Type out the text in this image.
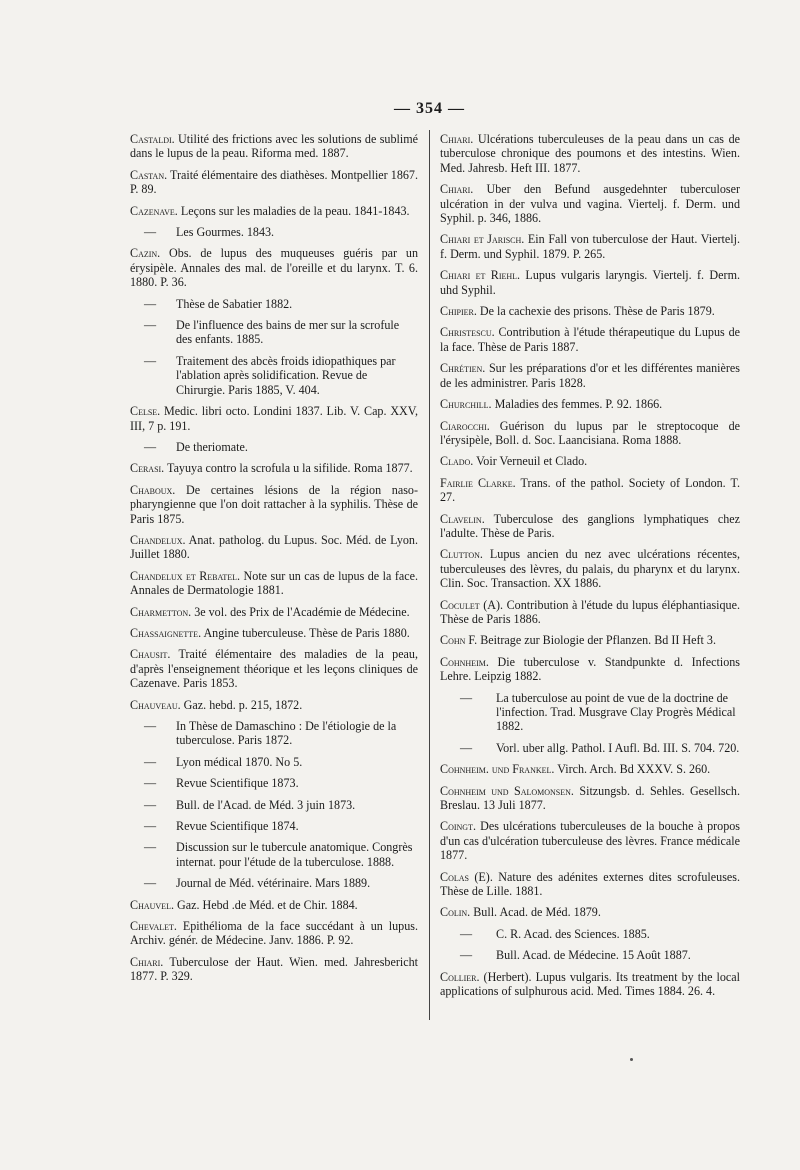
— 354 —
Castaldi. Utilité des frictions avec les solutions de sublimé dans le lupus de la peau. Riforma med. 1887.
Castan. Traité élémentaire des diathèses. Montpellier 1867. P. 89.
Cazenave. Leçons sur les maladies de la peau. 1841-1843.
— Les Gourmes. 1843.
Cazin. Obs. de lupus des muqueuses guéris par un érysipèle. Annales des mal. de l'oreille et du larynx. T. 6. 1880. P. 36.
— Thèse de Sabatier 1882.
— De l'influence des bains de mer sur la scrofule des enfants. 1885.
— Traitement des abcès froids idiopathiques par l'ablation après solidification. Revue de Chirurgie. Paris 1885, V. 404.
Celse. Medic. libri octo. Londini 1837. Lib. V. Cap. XXV, III, 7 p. 191.
— De theriomate.
Cerasi. Tayuya contro la scrofula u la sifilide. Roma 1877.
Chaboux. De certaines lésions de la région naso-pharyngienne que l'on doit rattacher à la syphilis. Thèse de Paris 1875.
Chandelux. Anat. patholog. du Lupus. Soc. Méd. de Lyon. Juillet 1880.
Chandelux et Rebatel. Note sur un cas de lupus de la face. Annales de Dermatologie 1881.
Charmetton. 3e vol. des Prix de l'Académie de Médecine.
Chassaignette. Angine tuberculeuse. Thèse de Paris 1880.
Chausit. Traité élémentaire des maladies de la peau, d'après l'enseignement théorique et les leçons cliniques de Cazenave. Paris 1853.
Chauveau. Gaz. hebd. p. 215, 1872.
— In Thèse de Damaschino : De l'étiologie de la tuberculose. Paris 1872.
— Lyon médical 1870. No 5.
— Revue Scientifique 1873.
— Bull. de l'Acad. de Méd. 3 juin 1873.
— Revue Scientifique 1874.
— Discussion sur le tubercule anatomique. Congrès internat. pour l'étude de la tuberculose. 1888.
— Journal de Méd. vétérinaire. Mars 1889.
Chauvel. Gaz. Hebd .de Méd. et de Chir. 1884.
Chevalet. Epithélioma de la face succédant à un lupus. Archiv. génér. de Médecine. Janv. 1886. P. 92.
Chiari. Tuberculose der Haut. Wien. med. Jahresbericht 1877. P. 329.
Chiari. Ulcérations tuberculeuses de la peau dans un cas de tuberculose chronique des poumons et des intestins. Wien. Med. Jahresb. Heft III. 1877.
Chiari. Uber den Befund ausgedehnter tuberculoser ulcération in der vulva und vagina. Viertelj. f. Derm. und Syphil. p. 346, 1886.
Chiari et Jarisch. Ein Fall von tuberculose der Haut. Viertelj. f. Derm. und Syphil. 1879. P. 265.
Chiari et Riehl. Lupus vulgaris laryngis. Viertelj. f. Derm. uhd Syphil.
Chipier. De la cachexie des prisons. Thèse de Paris 1879.
Christescu. Contribution à l'étude thérapeutique du Lupus de la face. Thèse de Paris 1887.
Chrétien. Sur les préparations d'or et les différentes manières de les administrer. Paris 1828.
Churchill. Maladies des femmes. P. 92. 1866.
Ciarocchi. Guérison du lupus par le streptocoque de l'érysipèle, Boll. d. Soc. Laancisiana. Roma 1888.
Clado. Voir Verneuil et Clado.
Fairlie Clarke. Trans. of the pathol. Society of London. T. 27.
Clavelin. Tuberculose des ganglions lymphatiques chez l'adulte. Thèse de Paris.
Clutton. Lupus ancien du nez avec ulcérations récentes, tuberculeuses des lèvres, du palais, du pharynx et du larynx. Clin. Soc. Transaction. XX 1886.
Coculet (A). Contribution à l'étude du lupus éléphantiasique. Thèse de Paris 1886.
Cohn F. Beitrage zur Biologie der Pflanzen. Bd II Heft 3.
Cohnheim. Die tuberculose v. Standpunkte d. Infections Lehre. Leipzig 1882.
— La tuberculose au point de vue de la doctrine de l'infection. Trad. Musgrave Clay Progrès Médical 1882.
— Vorl. uber allg. Pathol. I Aufl. Bd. III. S. 704. 720.
Cohnheim. und Frankel. Virch. Arch. Bd XXXV. S. 260.
Cohnheim und Salomonsen. Sitzungsb. d. Sehles. Gesellsch. Breslau. 13 Juli 1877.
Coingt. Des ulcérations tuberculeuses de la bouche à propos d'un cas d'ulcération tuberculeuse des lèvres. France médicale 1877.
Colas (E). Nature des adénites externes dites scrofuleuses. Thèse de Lille. 1881.
Colin. Bull. Acad. de Méd. 1879.
— C. R. Acad. des Sciences. 1885.
— Bull. Acad. de Médecine. 15 Août 1887.
Collier. (Herbert). Lupus vulgaris. Its treatment by the local applications of sulphurous acid. Med. Times 1884. 26. 4.
